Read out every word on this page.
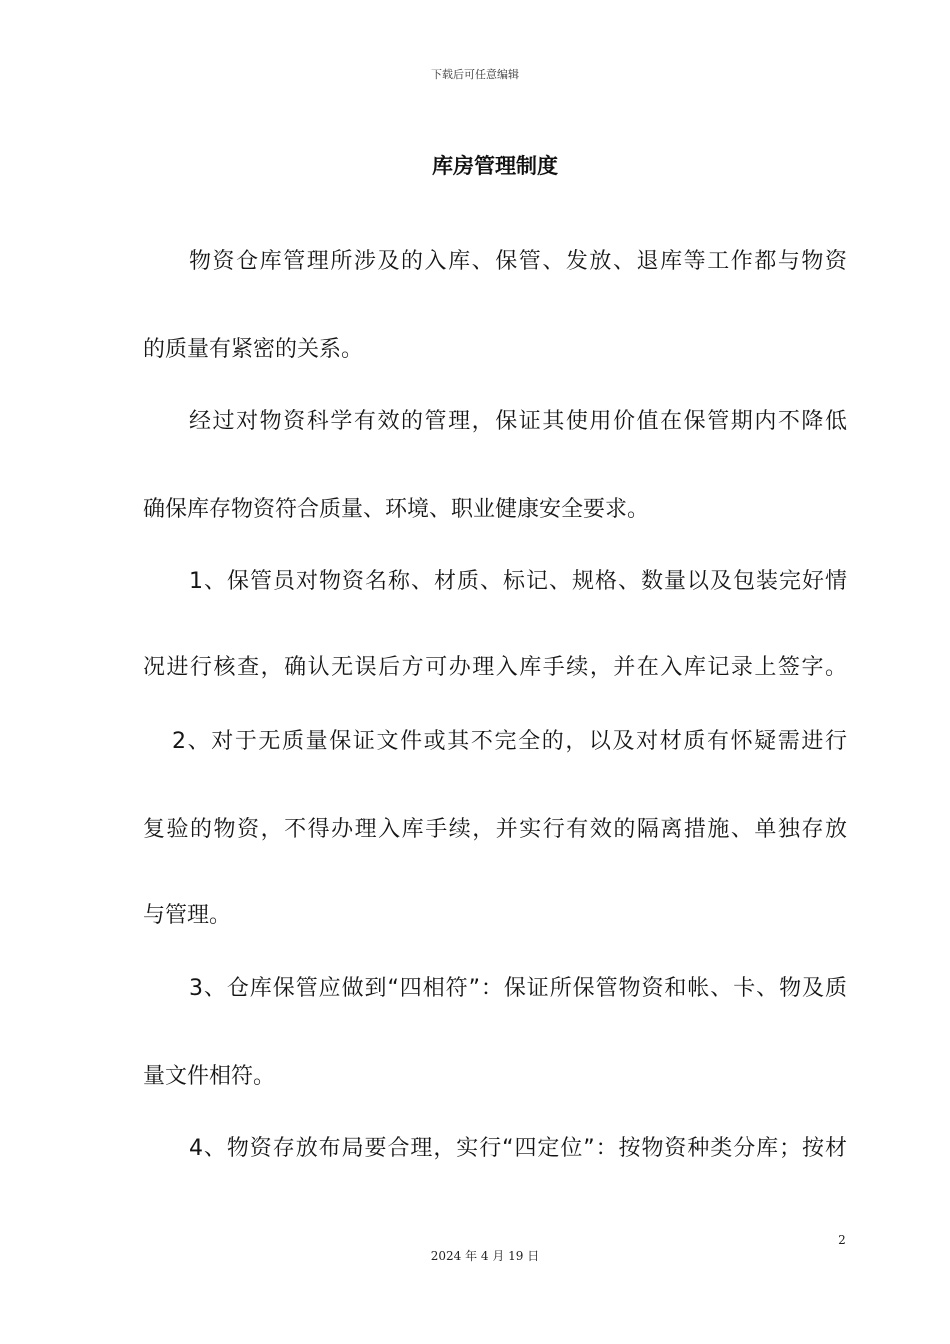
下载后可任意编辑
库房管理制度
物资仓库管理所涉及的入库、保管、发放、退库等工作都与物资
的质量有紧密的关系。
经过对物资科学有效的管理，保证其使用价值在保管期内不降低
确保库存物资符合质量、环境、职业健康安全要求。
1、保管员对物资名称、材质、标记、规格、数量以及包装完好情
况进行核查，确认无误后方可办理入库手续，并在入库记录上签字。
2、对于无质量保证文件或其不完全的，以及对材质有怀疑需进行
复验的物资，不得办理入库手续，并实行有效的隔离措施、单独存放
与管理。
3、仓库保管应做到“四相符”：保证所保管物资和帐、卡、物及质
量文件相符。
4、物资存放布局要合理，实行“四定位”：按物资种类分库；按材
2
2024 年 4 月 19 日
